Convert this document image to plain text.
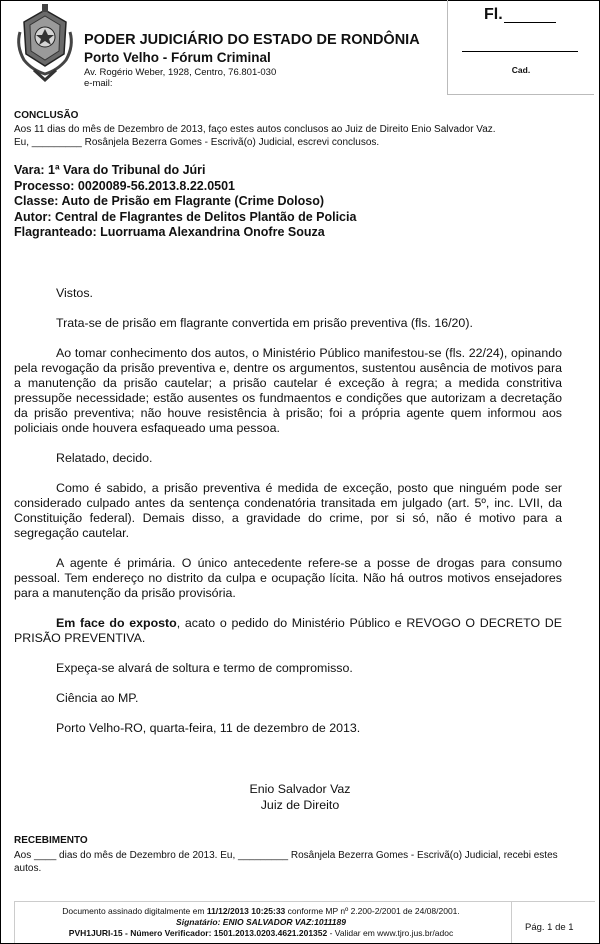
PODER JUDICIÁRIO DO ESTADO DE RONDÔNIA
Porto Velho - Fórum Criminal
Av. Rogério Weber, 1928, Centro, 76.801-030
e-mail:
Fl.
Cad.
CONCLUSÃO
Aos 11 dias do mês de Dezembro de 2013, faço estes autos conclusos ao Juiz de Direito Enio Salvador Vaz.
Eu, _________ Rosânjela Bezerra Gomes - Escrivã(o) Judicial, escrevi conclusos.
Vara: 1ª Vara do Tribunal do Júri
Processo: 0020089-56.2013.8.22.0501
Classe: Auto de Prisão em Flagrante (Crime Doloso)
Autor: Central de Flagrantes de Delitos Plantão de Policia
Flagranteado: Luorruama Alexandrina Onofre Souza

Vistos.

Trata-se de prisão em flagrante convertida em prisão preventiva (fls. 16/20).

Ao tomar conhecimento dos autos, o Ministério Público manifestou-se (fls. 22/24), opinando pela revogação da prisão preventiva e, dentre os argumentos, sustentou ausência de motivos para a manutenção da prisão cautelar; a prisão cautelar é exceção à regra; a medida constritiva pressupõe necessidade; estão ausentes os fundmaentos e condições que autorizam a decretação da prisão preventiva; não houve resistência à prisão; foi a própria agente quem informou aos policiais onde houvera esfaqueado uma pessoa.

Relatado, decido.

Como é sabido, a prisão preventiva é medida de exceção, posto que ninguém pode ser considerado culpado antes da sentença condenatória transitada em julgado (art. 5º, inc. LVII, da Constituição federal). Demais disso, a gravidade do crime, por si só, não é motivo para a segregação cautelar.

A agente é primária. O único antecedente refere-se a posse de drogas para consumo pessoal. Tem endereço no distrito da culpa e ocupação lícita. Não há outros motivos ensejadores para a manutenção da prisão provisória.

Em face do exposto, acato o pedido do Ministério Público e REVOGO O DECRETO DE PRISÃO PREVENTIVA.

Expeça-se alvará de soltura e termo de compromisso.

Ciência ao MP.

Porto Velho-RO, quarta-feira, 11 de dezembro de 2013.

Enio Salvador Vaz
Juiz de Direito
RECEBIMENTO
Aos ____ dias do mês de Dezembro de 2013. Eu, _________ Rosânjela Bezerra Gomes - Escrivã(o) Judicial, recebi estes autos.
Documento assinado digitalmente em 11/12/2013 10:25:33 conforme MP nº 2.200-2/2001 de 24/08/2001.
Signatário: ENIO SALVADOR VAZ:1011189
PVH1JURI-15 - Número Verificador: 1501.2013.0203.4621.201352 - Validar em www.tjro.jus.br/adoc	Pág. 1 de 1
